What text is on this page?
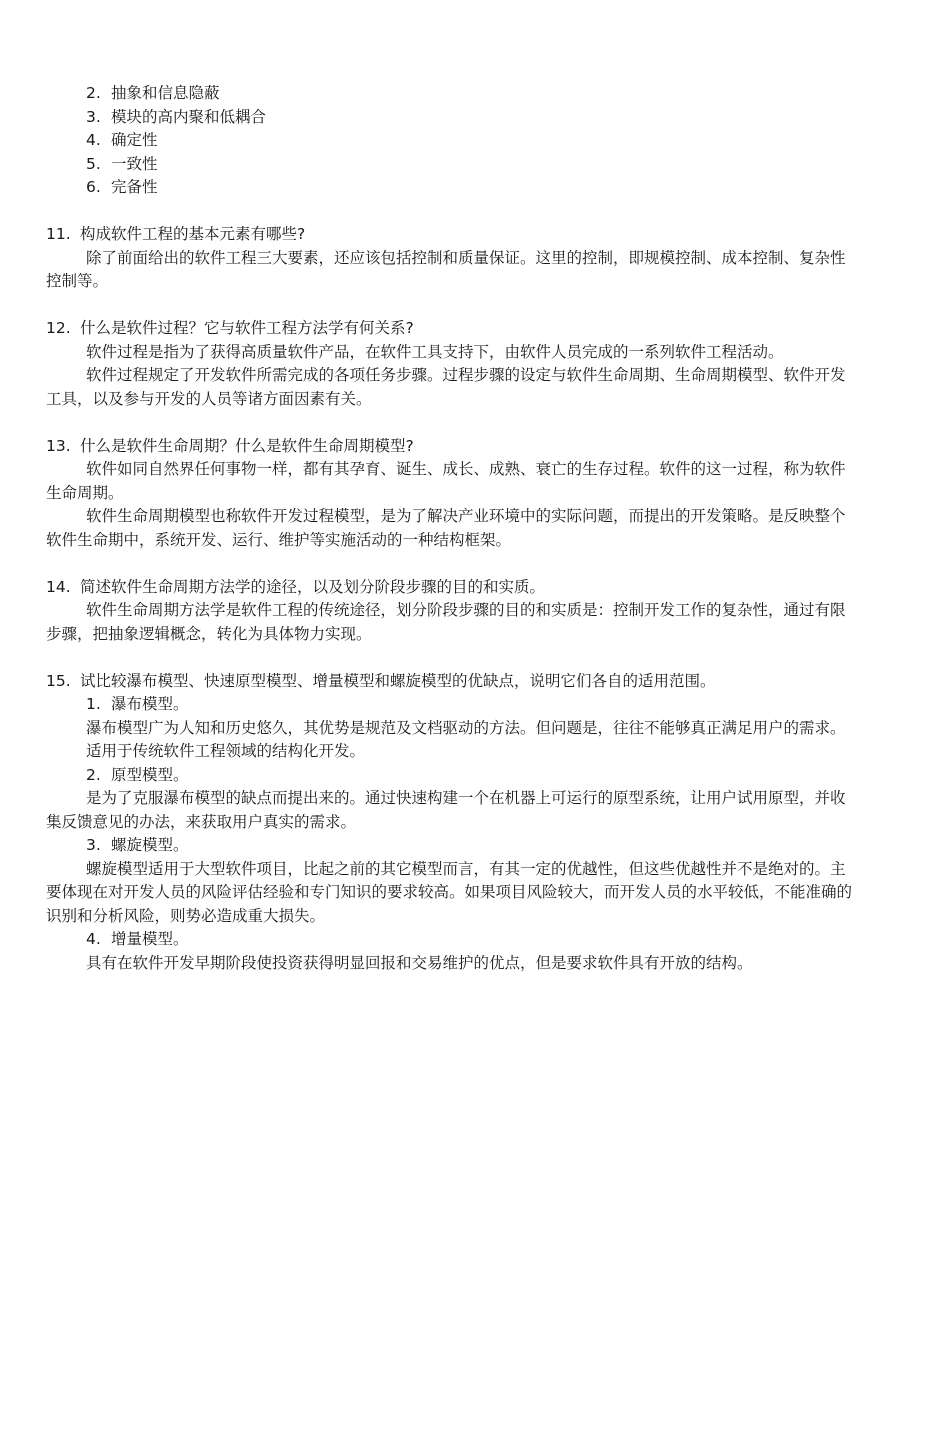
2. 抽象和信息隐蔽
3. 模块的高内聚和低耦合
4. 确定性
5. 一致性
6. 完备性
11. 构成软件工程的基本元素有哪些?
除了前面给出的软件工程三大要素，还应该包括控制和质量保证。这里的控制，即规模控制、成本控制、复杂性控制等。
12. 什么是软件过程？它与软件工程方法学有何关系?
软件过程是指为了获得高质量软件产品，在软件工具支持下，由软件人员完成的一系列软件工程活动。
软件过程规定了开发软件所需完成的各项任务步骤。过程步骤的设定与软件生命周期、生命周期模型、软件开发工具，以及参与开发的人员等诸方面因素有关。
13. 什么是软件生命周期？什么是软件生命周期模型?
软件如同自然界任何事物一样，都有其孕育、诞生、成长、成熟、衰亡的生存过程。软件的这一过程，称为软件生命周期。
软件生命周期模型也称软件开发过程模型，是为了解决产业环境中的实际问题，而提出的开发策略。是反映整个软件生命期中，系统开发、运行、维护等实施活动的一种结构框架。
14. 简述软件生命周期方法学的途径，以及划分阶段步骤的目的和实质。
软件生命周期方法学是软件工程的传统途径，划分阶段步骤的目的和实质是：控制开发工作的复杂性，通过有限步骤，把抽象逻辑概念，转化为具体物力实现。
15. 试比较瀑布模型、快速原型模型、增量模型和螺旋模型的优缺点，说明它们各自的适用范围。
1. 瀑布模型。
瀑布模型广为人知和历史悠久，其优势是规范及文档驱动的方法。但问题是，往往不能够真正满足用户的需求。
适用于传统软件工程领域的结构化开发。
2. 原型模型。
是为了克服瀑布模型的缺点而提出来的。通过快速构建一个在机器上可运行的原型系统，让用户试用原型，并收集反馈意见的办法，来获取用户真实的需求。
3. 螺旋模型。
螺旋模型适用于大型软件项目，比起之前的其它模型而言，有其一定的优越性，但这些优越性并不是绝对的。主要体现在对开发人员的风险评估经验和专门知识的要求较高。如果项目风险较大，而开发人员的水平较低，不能准确的识别和分析风险，则势必造成重大损失。
4. 增量模型。
具有在软件开发早期阶段使投资获得明显回报和交易维护的优点，但是要求软件具有开放的结构。
